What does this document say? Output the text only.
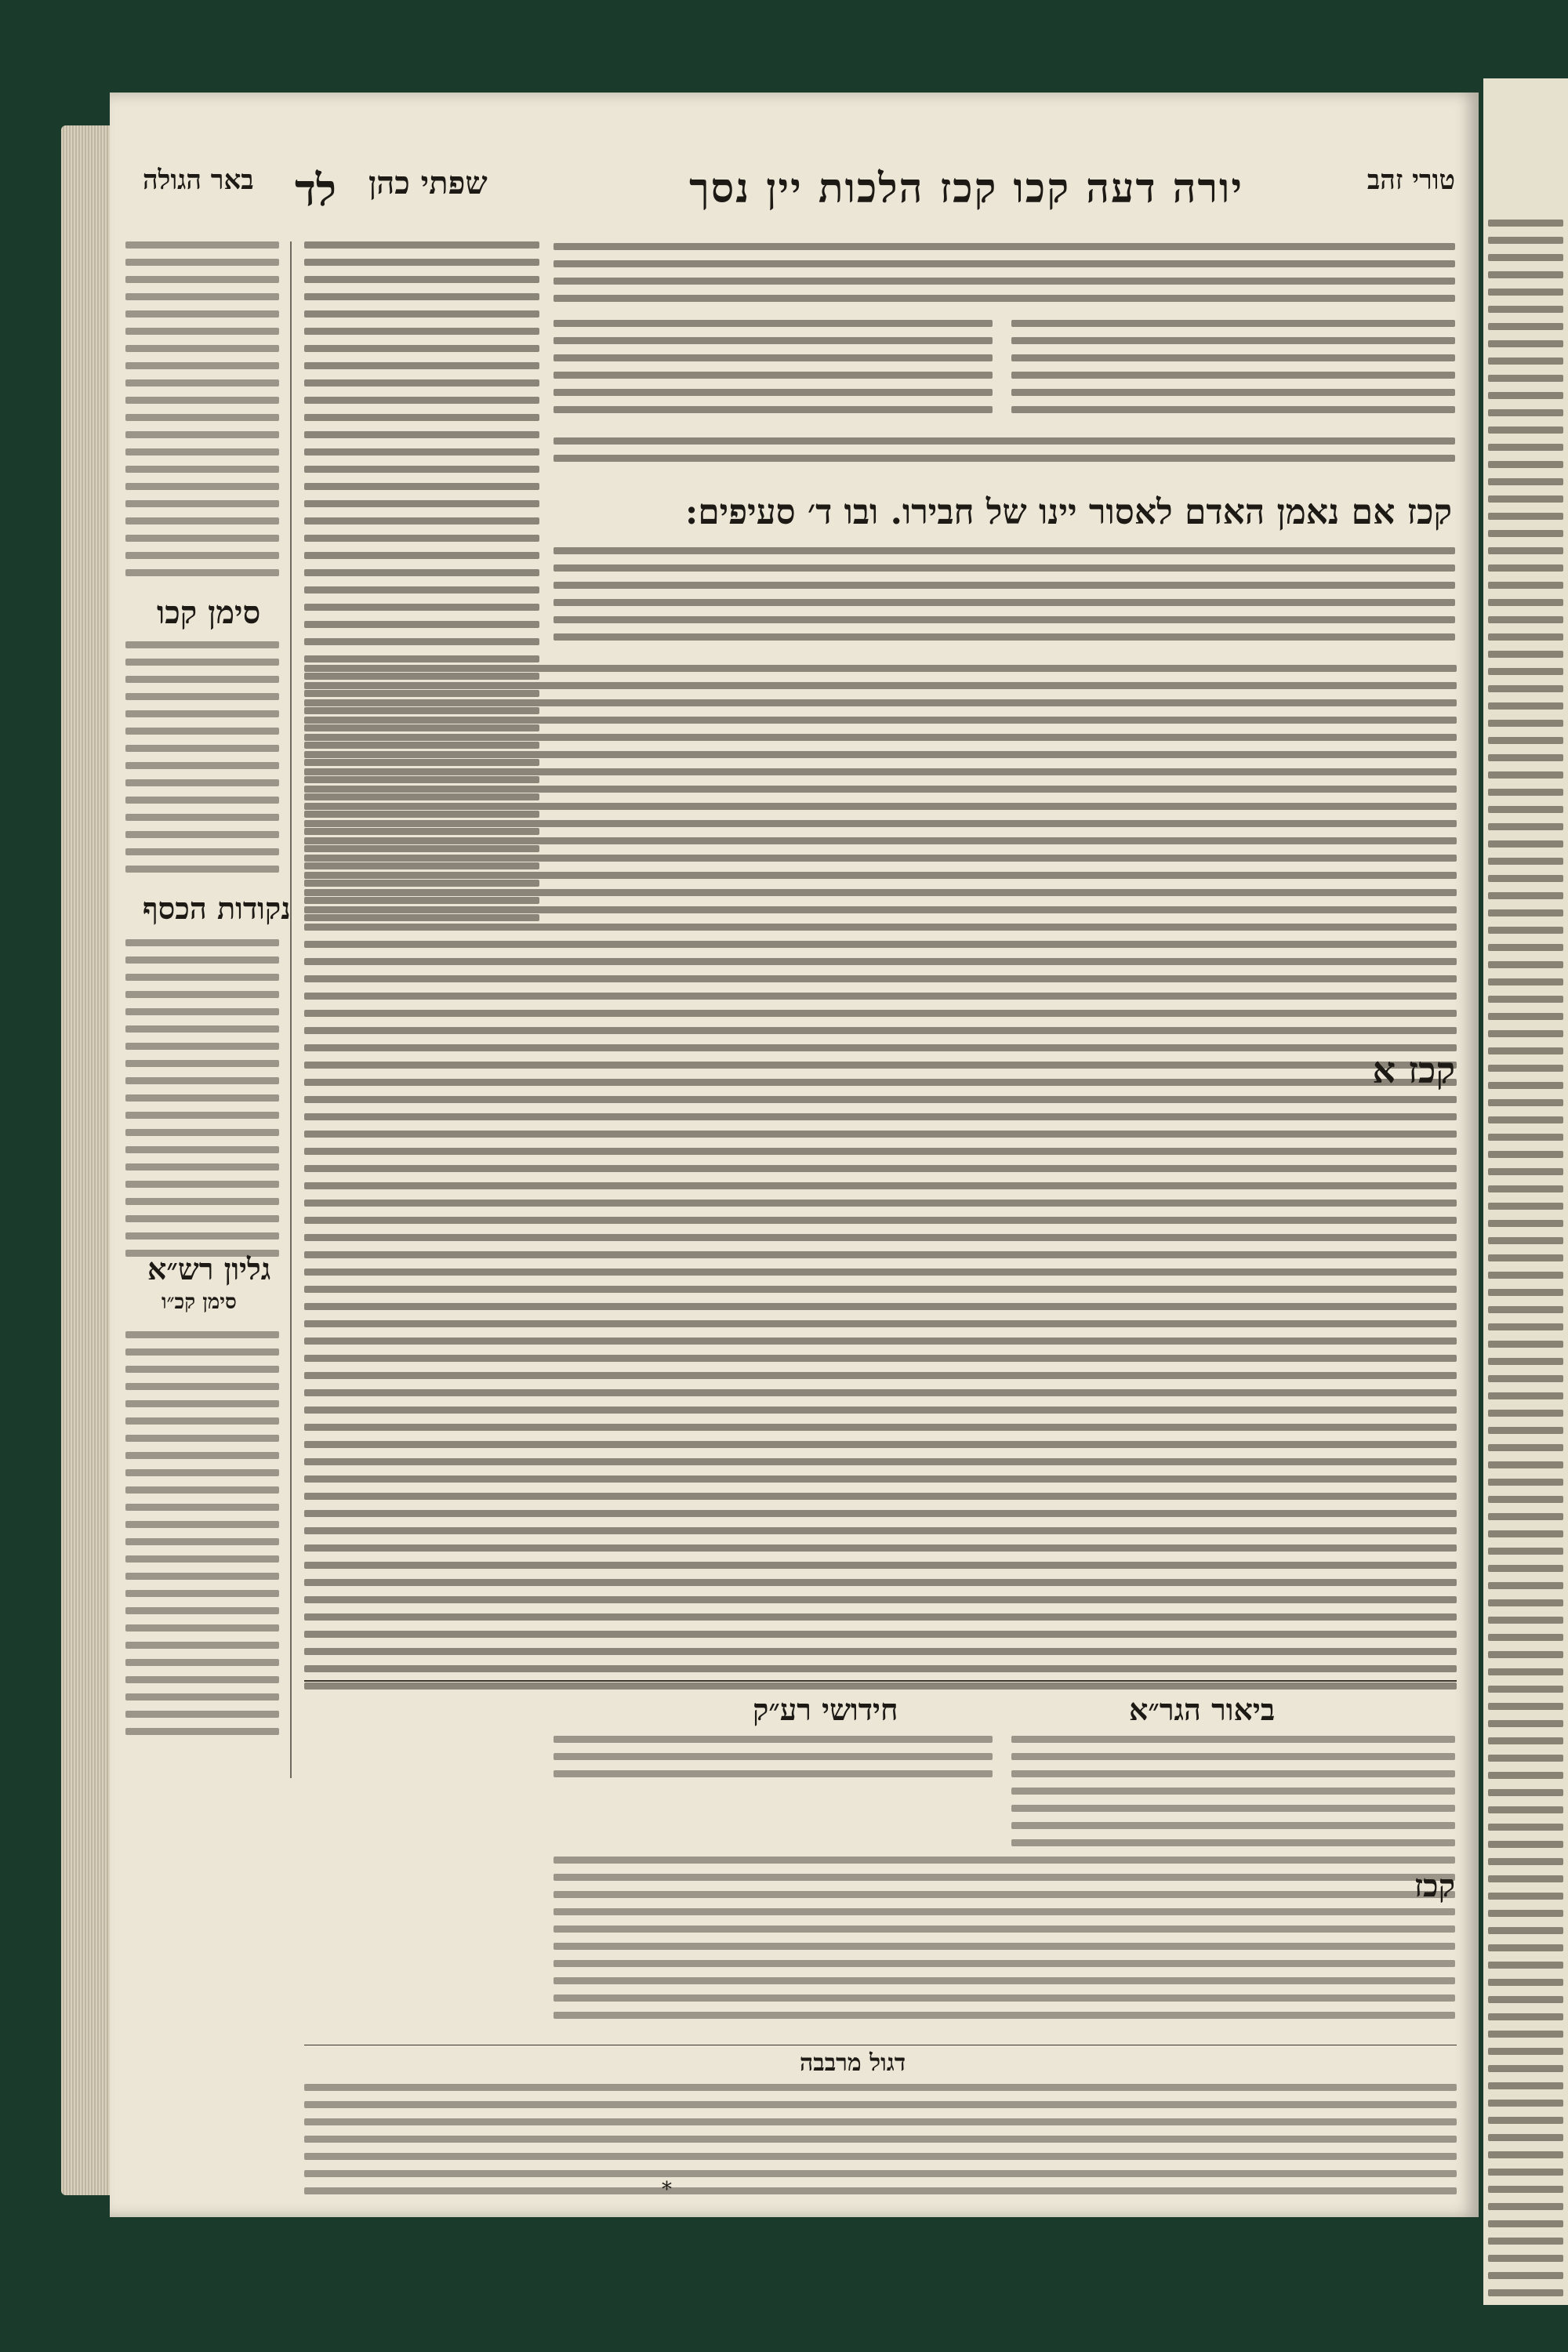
טורי זהב
יורה דעה קכו קכז הלכות יין נסך
לד שפתי כהן
באר הגולה
סימן קכו
נקודות הכסף
גליון רש״א
סימן קכ״ו
קכז אם נאמן האדם לאסור יינו של חבירו. ובו ד׳ סעיפים:
קכז א
ביאור הגר״א
חידושי רע״ק
קכז
דגול מרבבה
*
